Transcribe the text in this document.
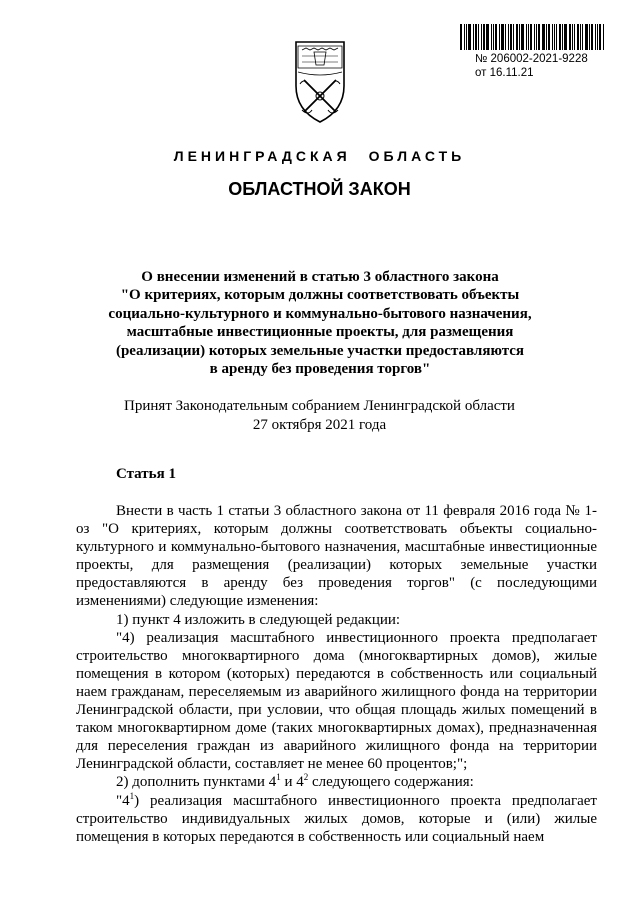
№ 206002-2021-9228
от 16.11.21
ЛЕНИНГРАДСКАЯ ОБЛАСТЬ
ОБЛАСТНОЙ ЗАКОН
О внесении изменений в статью 3 областного закона
"О критериях, которым должны соответствовать объекты
социально-культурного и коммунально-бытового назначения,
масштабные инвестиционные проекты, для размещения
(реализации) которых земельные участки предоставляются
в аренду без проведения торгов"
Принят Законодательным собранием Ленинградской области
27 октября 2021 года
Статья 1

Внести в часть 1 статьи 3 областного закона от 11 февраля 2016 года № 1-оз "О критериях, которым должны соответствовать объекты социально-культурного и коммунально-бытового назначения, масштабные инвестиционные проекты, для размещения (реализации) которых земельные участки предоставляются в аренду без проведения торгов" (с последующими изменениями) следующие изменения:

1) пункт 4 изложить в следующей редакции:

"4) реализация масштабного инвестиционного проекта предполагает строительство многоквартирного дома (многоквартирных домов), жилые помещения в котором (которых) передаются в собственность или социальный наем гражданам, переселяемым из аварийного жилищного фонда на территории Ленинградской области, при условии, что общая площадь жилых помещений в таком многоквартирном доме (таких многоквартирных домах), предназначенная для переселения граждан из аварийного жилищного фонда на территории Ленинградской области, составляет не менее 60 процентов;";

2) дополнить пунктами $4^1$ и $4^2$ следующего содержания:

"$4^1$) реализация масштабного инвестиционного проекта предполагает строительство индивидуальных жилых домов, которые и (или) жилые помещения в которых передаются в собственность или социальный наем
